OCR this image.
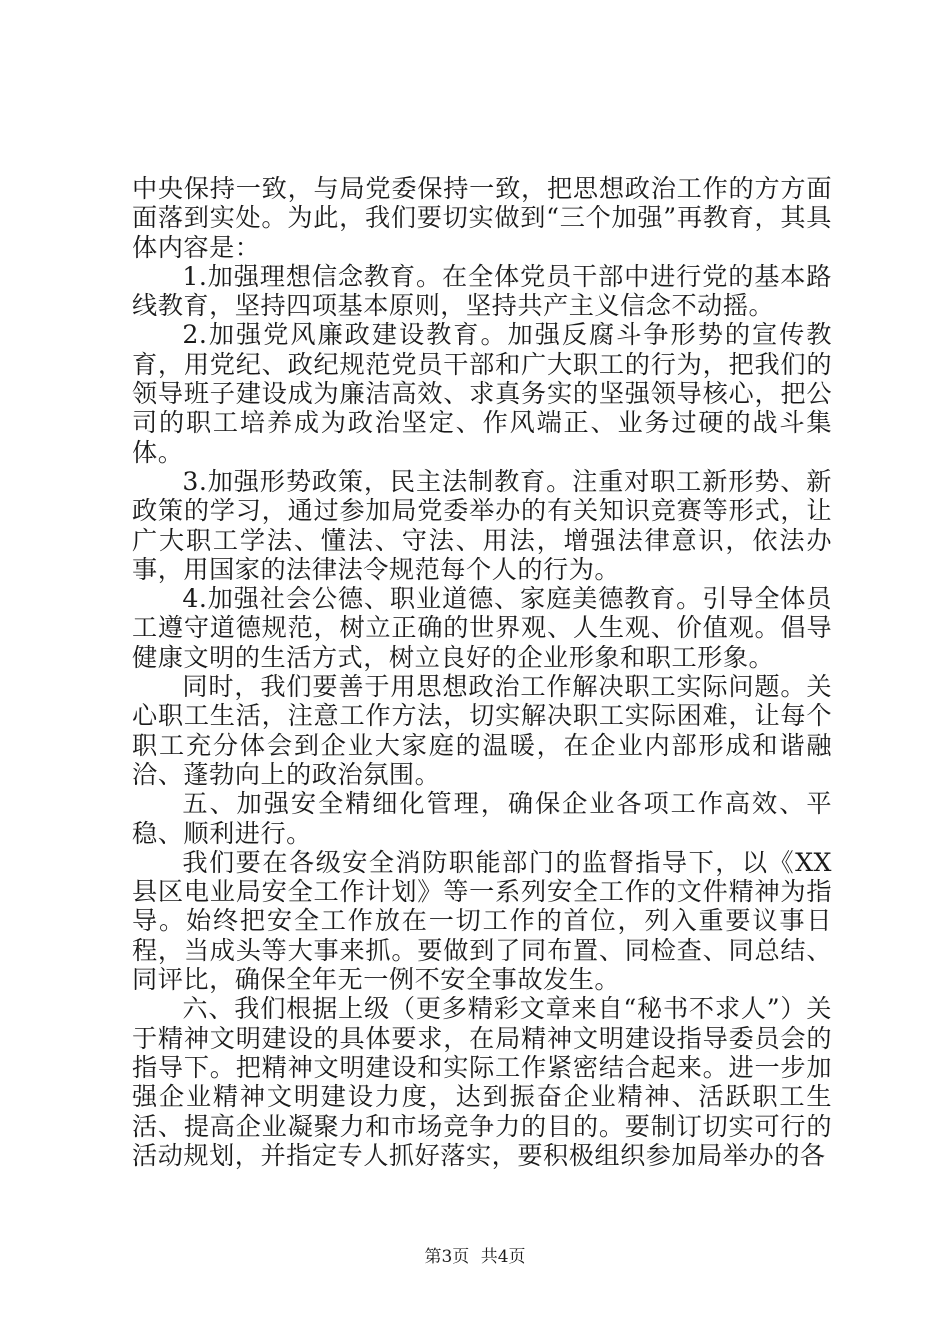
中央保持一致，与局党委保持一致，把思想政治工作的方方面面落到实处。为此，我们要切实做到“三个加强”再教育，其具体内容是：

1.加强理想信念教育。在全体党员干部中进行党的基本路线教育，坚持四项基本原则，坚持共产主义信念不动摇。

2.加强党风廉政建设教育。加强反腐斗争形势的宣传教育，用党纪、政纪规范党员干部和广大职工的行为，把我们的领导班子建设成为廉洁高效、求真务实的坚强领导核心，把公司的职工培养成为政治坚定、作风端正、业务过硬的战斗集体。

3.加强形势政策，民主法制教育。注重对职工新形势、新政策的学习，通过参加局党委举办的有关知识竞赛等形式，让广大职工学法、懂法、守法、用法，增强法律意识，依法办事，用国家的法律法令规范每个人的行为。

4.加强社会公德、职业道德、家庭美德教育。引导全体员工遵守道德规范，树立正确的世界观、人生观、价值观。倡导健康文明的生活方式，树立良好的企业形象和职工形象。

同时，我们要善于用思想政治工作解决职工实际问题。关心职工生活，注意工作方法，切实解决职工实际困难，让每个职工充分体会到企业大家庭的温暖，在企业内部形成和谐融洽、蓬勃向上的政治氛围。

五、加强安全精细化管理，确保企业各项工作高效、平稳、顺利进行。

我们要在各级安全消防职能部门的监督指导下，以《XX县区电业局安全工作计划》等一系列安全工作的文件精神为指导。始终把安全工作放在一切工作的首位，列入重要议事日程，当成头等大事来抓。要做到了同布置、同检查、同总结、同评比，确保全年无一例不安全事故发生。

六、我们根据上级（更多精彩文章来自“秘书不求人”）关于精神文明建设的具体要求，在局精神文明建设指导委员会的指导下。把精神文明建设和实际工作紧密结合起来。进一步加强企业精神文明建设力度，达到振奋企业精神、活跃职工生活、提高企业凝聚力和市场竞争力的目的。要制订切实可行的活动规划，并指定专人抓好落实，要积极组织参加局举办的各

第3页 共4页
